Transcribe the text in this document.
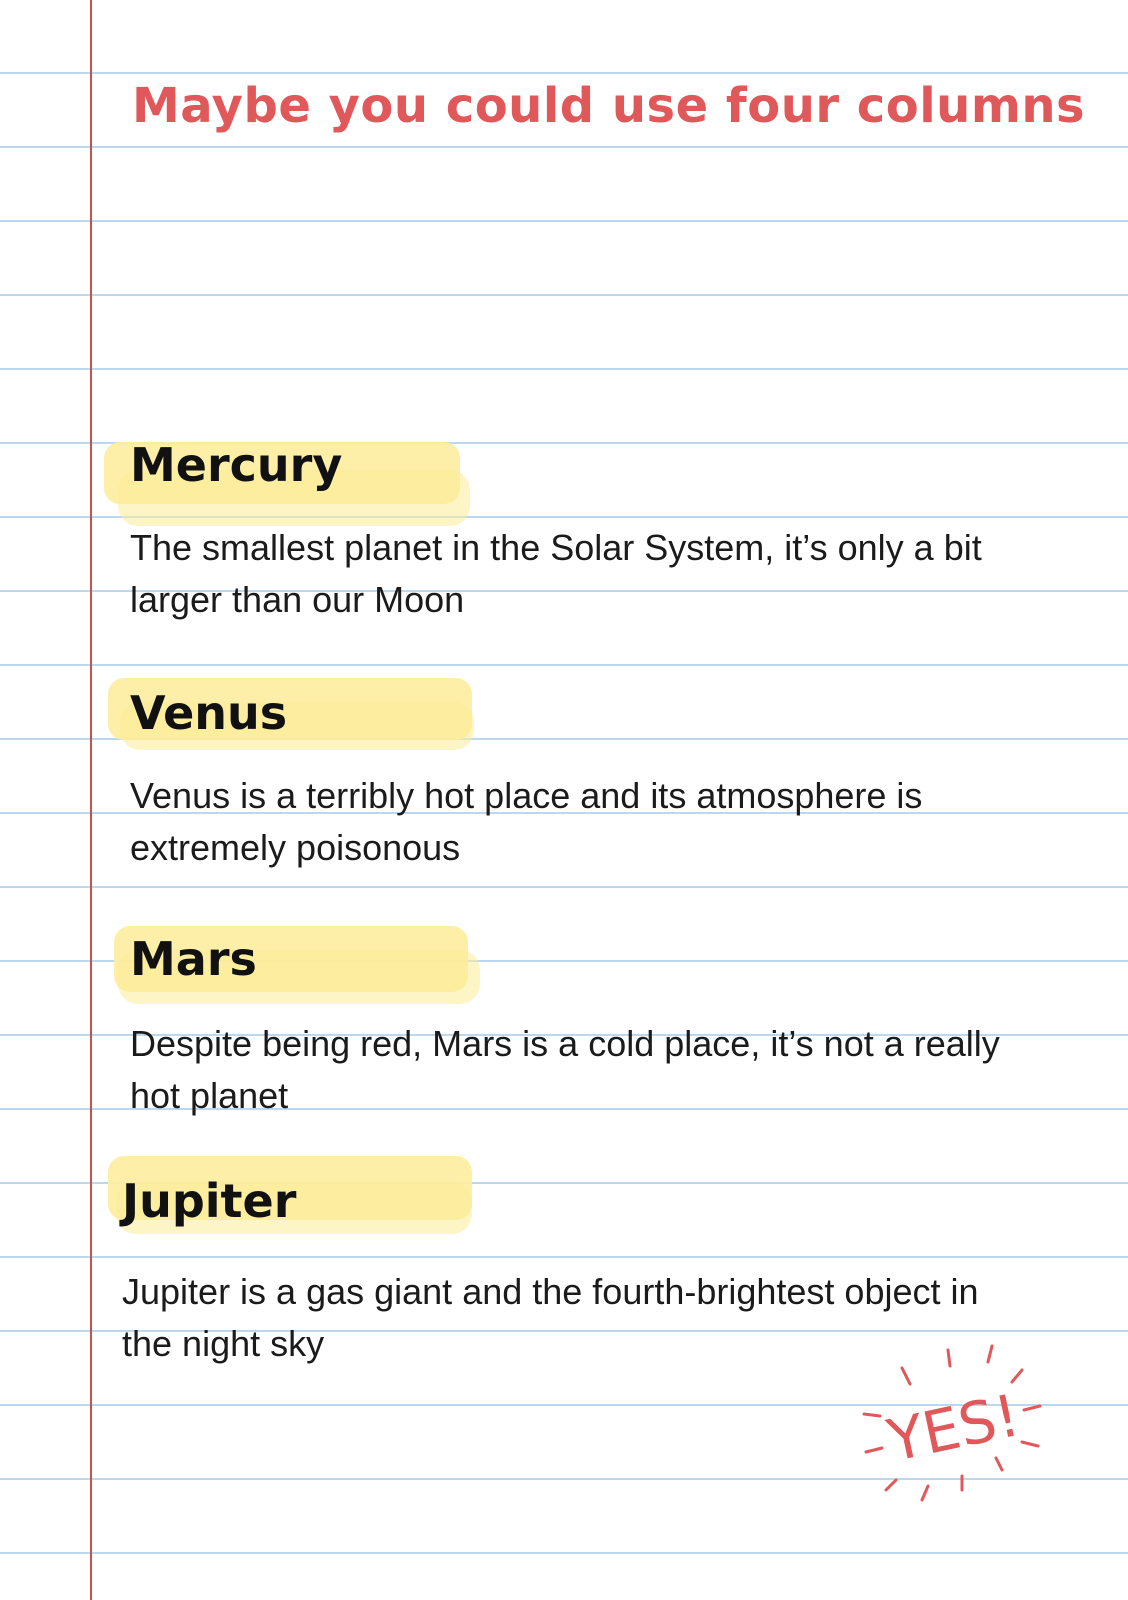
Maybe you could use four columns
Mercury

The smallest planet in the Solar System, it’s only a bit larger than our Moon

Venus

Venus is a terribly hot place and its atmosphere is extremely poisonous

Mars

Despite being red, Mars is a cold place, it’s not a really hot planet

Jupiter

Jupiter is a gas giant and the fourth-brightest object in the night sky

YES!
